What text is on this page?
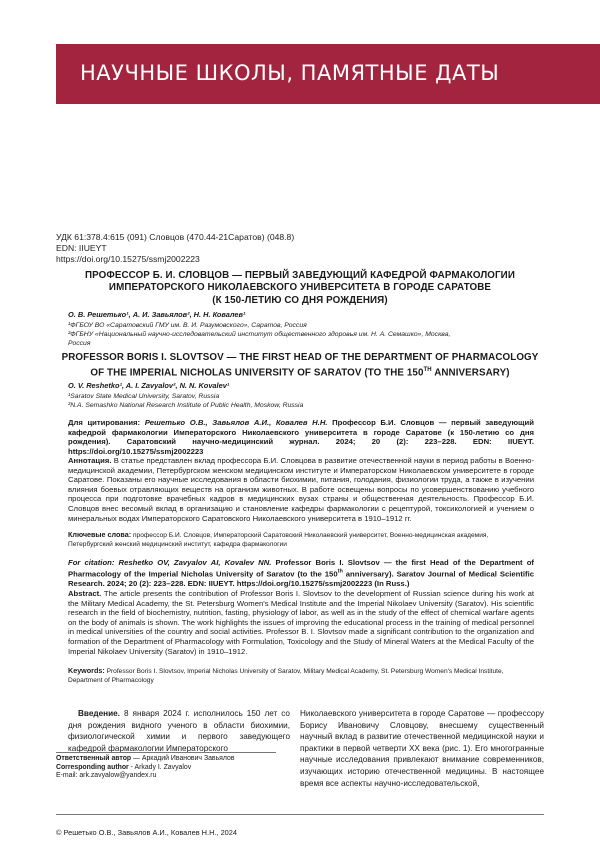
НАУЧНЫЕ ШКОЛЫ, ПАМЯТНЫЕ ДАТЫ
УДК 61:378.4:615 (091) Словцов (470.44-21Саратов) (048.8)
EDN: IIUEYT
https://doi.org/10.15275/ssmj2002223
ПРОФЕССОР Б. И. СЛОВЦОВ — ПЕРВЫЙ ЗАВЕДУЮЩИЙ КАФЕДРОЙ ФАРМАКОЛОГИИ
ИМПЕРАТОРСКОГО НИКОЛАЕВСКОГО УНИВЕРСИТЕТА В ГОРОДЕ САРАТОВЕ
(К 150-ЛЕТИЮ СО ДНЯ РОЖДЕНИЯ)
О. В. Решетько¹, А. И. Завьялов², Н. Н. Ковалев¹
¹ФГБОУ ВО «Саратовский ГМУ им. В. И. Разумовского», Саратов, Россия
²ФГБНУ «Национальный научно-исследовательский институт общественного здоровья им. Н. А. Семашко», Москва,
Россия
PROFESSOR BORIS I. SLOVTSOV — THE FIRST HEAD OF THE DEPARTMENT OF PHARMACOLOGY
OF THE IMPERIAL NICHOLAS UNIVERSITY OF SARATOV (TO THE 150TH ANNIVERSARY)
O. V. Reshetko¹, A. I. Zavyalov², N. N. Kovalev¹
¹Saratov State Medical University, Saratov, Russia
²N.A. Semashko National Research Institute of Public Health, Moskow, Russia
Для цитирования: Решетько О.В., Завьялов А.И., Ковалев Н.Н. Профессор Б.И. Словцов — первый заведующий кафедрой фармакологии Императорского Николаевского университета в городе Саратове (к 150-летию со дня рождения). Саратовский научно-медицинский журнал. 2024; 20 (2): 223–228. EDN: IIUEYT. https://doi.org/10.15275/ssmj2002223
Аннотация. В статье представлен вклад профессора Б.И. Словцова в развитие отечественной науки в период работы в Военно-медицинской академии, Петербургском женском медицинском институте и Императорском Николаевском университете в городе Саратове. Показаны его научные исследования в области биохимии, питания, голодания, физиологии труда, а также в изучении влияния боевых отравляющих веществ на организм животных. В работе освещены вопросы по усовершенствованию учебного процесса при подготовке врачебных кадров в медицинских вузах страны и общественная деятельность. Профессор Б.И. Словцов внес весомый вклад в организацию и становление кафедры фармакологии с рецептурой, токсикологией и учением о минеральных водах Императорского Саратовского Николаевского университета в 1910–1912 гг.
Ключевые слова: профессор Б.И. Словцов, Императорский Саратовский Николаевский университет, Военно-медицинская академия, Петербургский женский медицинский институт, кафедра фармакологии
For citation: Reshetko OV, Zavyalov AI, Kovalev NN. Professor Boris I. Slovtsov — the first Head of the Department of Pharmacology of the Imperial Nicholas University of Saratov (to the 150th anniversary). Saratov Journal of Medical Scientific Research. 2024; 20 (2): 223–228. EDN: IIUEYT. https://doi.org/10.15275/ssmj2002223 (In Russ.)
Abstract. The article presents the contribution of Professor Boris I. Slovtsov to the development of Russian science during his work at the Military Medical Academy, the St. Petersburg Women's Medical Institute and the Imperial Nikolaev University (Saratov). His scientific research in the field of biochemistry, nutrition, fasting, physiology of labor, as well as in the study of the effect of chemical warfare agents on the body of animals is shown. The work highlights the issues of improving the educational process in the training of medical personnel in medical universities of the country and social activities. Professor B. I. Slovtsov made a significant contribution to the organization and formation of the Department of Pharmacology with Formulation, Toxicology and the Study of Mineral Waters at the Medical Faculty of the Imperial Nikolaev University (Saratov) in 1910–1912.
Keywords: Professor Boris I. Slovtsov, Imperial Nicholas University of Saratov, Military Medical Academy, St. Petersburg Women's Medical Institute, Department of Pharmacology
Введение. 8 января 2024 г. исполнилось 150 лет со дня рождения видного ученого в области биохимии, физиологической химии и первого заведующего кафедрой фармакологии Императорского
Николаевского университета в городе Саратове — профессору Борису Ивановичу Словцову, внесшему существенный научный вклад в развитие отечественной медицинской науки и практики в первой четверти XX века (рис. 1). Его многогранные научные исследования привлекают внимание современников, изучающих историю отечественной медицины. В настоящее время все аспекты научно-исследовательской,
Ответственный автор — Аркадий Иванович Завьялов
Corresponding author - Arkady I. Zavyalov
E-mail: ark.zavyalow@yandex.ru
© Решетько О.В., Завьялов А.И., Ковалев Н.Н., 2024
